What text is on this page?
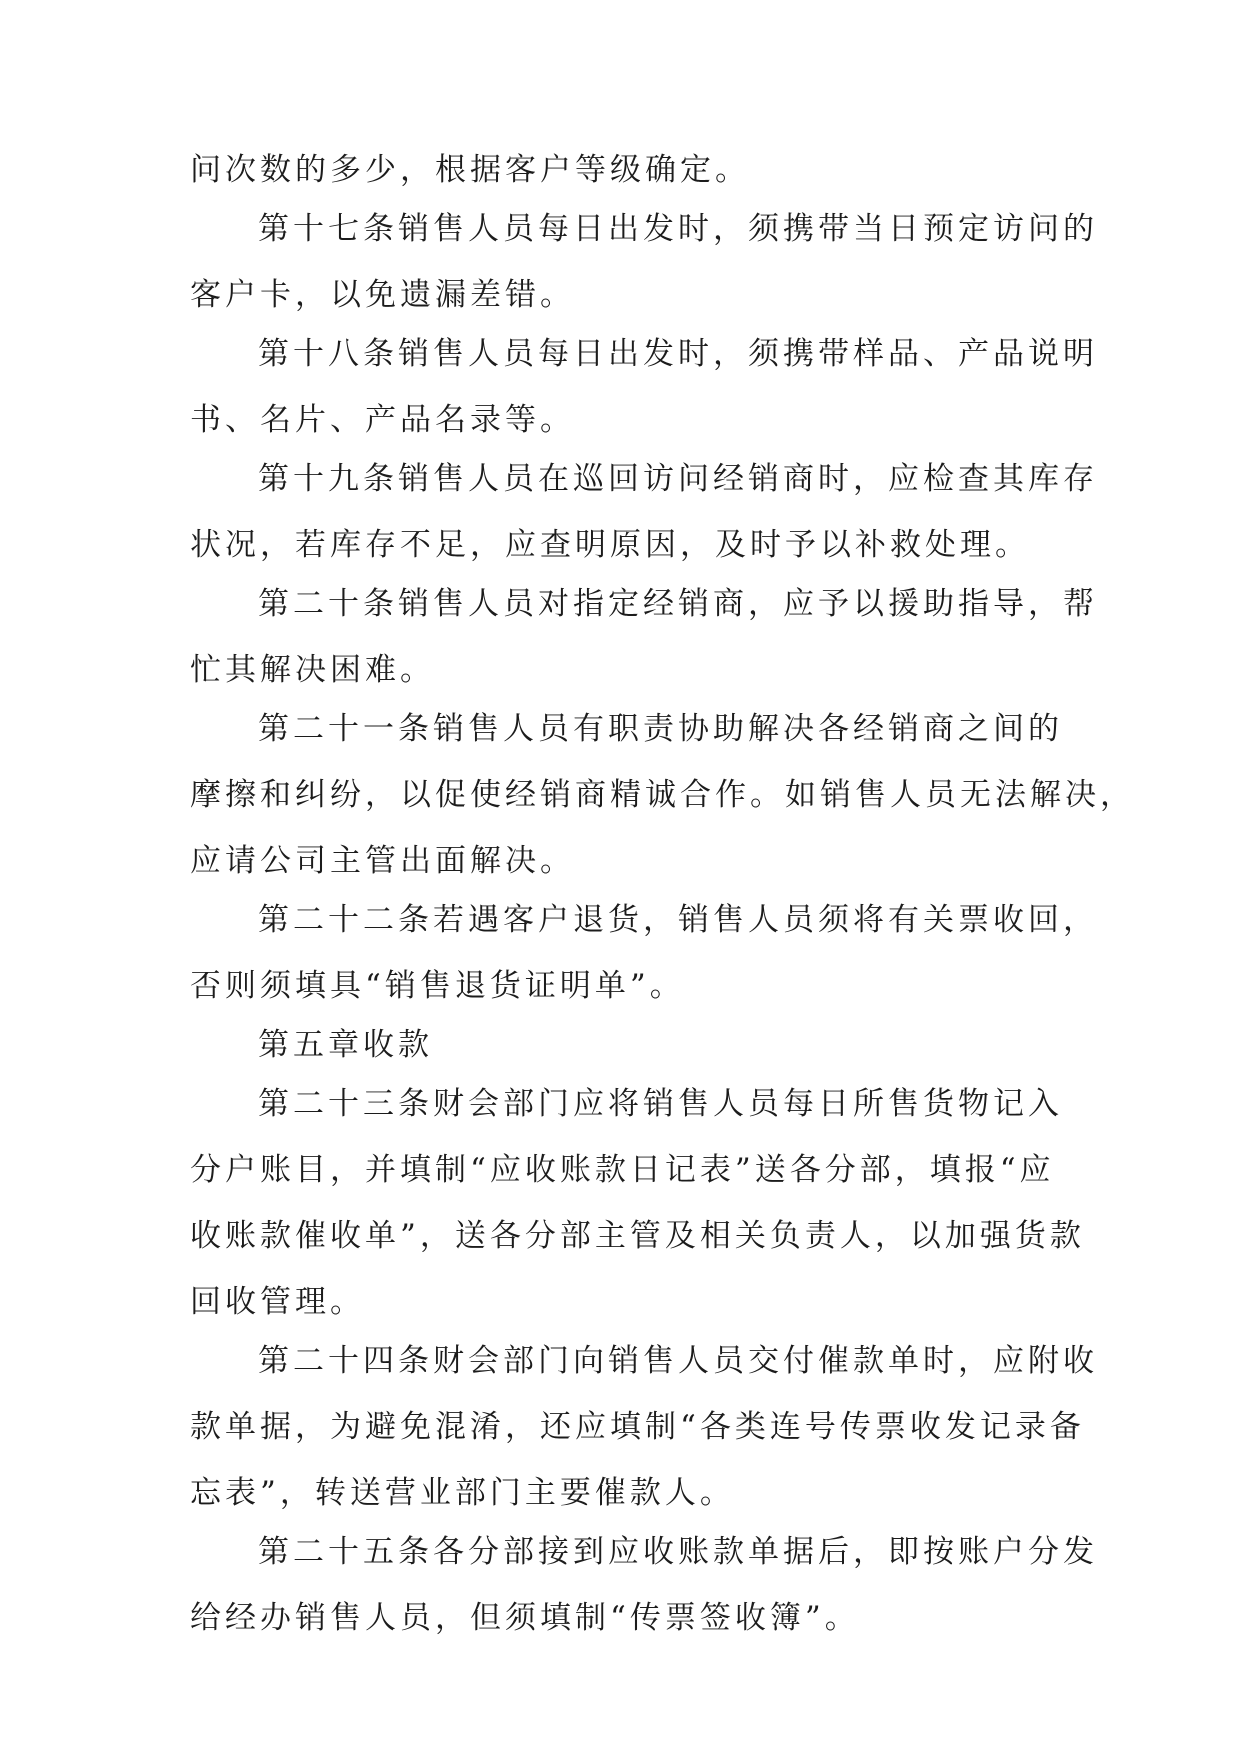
问次数的多少，根据客户等级确定。

第十七条销售人员每日出发时，须携带当日预定访问的

客户卡，以免遗漏差错。

第十八条销售人员每日出发时，须携带样品、产品说明

书、名片、产品名录等。

第十九条销售人员在巡回访问经销商时，应检查其库存

状况，若库存不足，应查明原因，及时予以补救处理。

第二十条销售人员对指定经销商，应予以援助指导，帮

忙其解决困难。

第二十一条销售人员有职责协助解决各经销商之间的

摩擦和纠纷，以促使经销商精诚合作。如销售人员无法解决，

应请公司主管出面解决。

第二十二条若遇客户退货，销售人员须将有关票收回，

否则须填具“销售退货证明单”。

第五章收款

第二十三条财会部门应将销售人员每日所售货物记入

分户账目，并填制“应收账款日记表”送各分部，填报“应

收账款催收单”，送各分部主管及相关负责人，以加强货款

回收管理。

第二十四条财会部门向销售人员交付催款单时，应附收

款单据，为避免混淆，还应填制“各类连号传票收发记录备

忘表”，转送营业部门主要催款人。

第二十五条各分部接到应收账款单据后，即按账户分发

给经办销售人员，但须填制“传票签收簿”。
